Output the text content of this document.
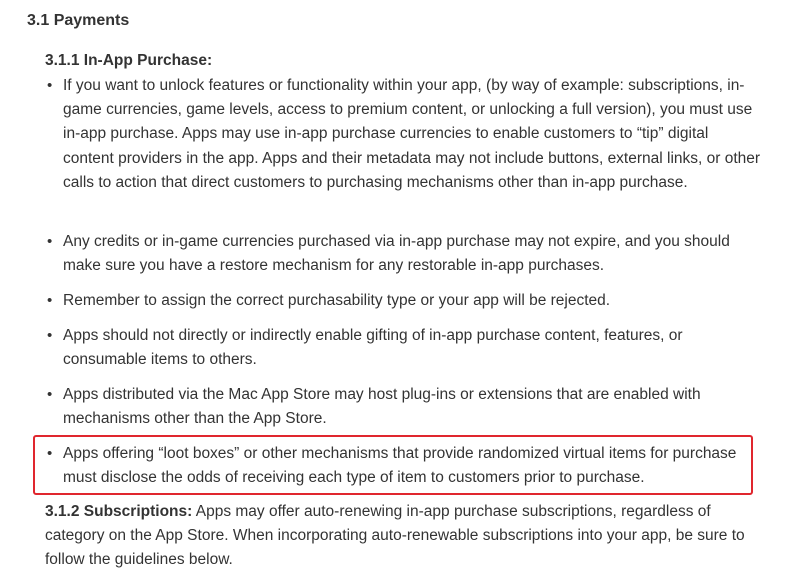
3.1 Payments
3.1.1 In-App Purchase:
• If you want to unlock features or functionality within your app, (by way of example: subscriptions, in-game currencies, game levels, access to premium content, or unlocking a full version), you must use in-app purchase. Apps may use in-app purchase currencies to enable customers to “tip” digital content providers in the app. Apps and their metadata may not include buttons, external links, or other calls to action that direct customers to purchasing mechanisms other than in-app purchase.
• Any credits or in-game currencies purchased via in-app purchase may not expire, and you should make sure you have a restore mechanism for any restorable in-app purchases.
• Remember to assign the correct purchasability type or your app will be rejected.
• Apps should not directly or indirectly enable gifting of in-app purchase content, features, or consumable items to others.
• Apps distributed via the Mac App Store may host plug-ins or extensions that are enabled with mechanisms other than the App Store.
• Apps offering “loot boxes” or other mechanisms that provide randomized virtual items for purchase must disclose the odds of receiving each type of item to customers prior to purchase.

3.1.2 Subscriptions: Apps may offer auto-renewing in-app purchase subscriptions, regardless of category on the App Store. When incorporating auto-renewable subscriptions into your app, be sure to follow the guidelines below.
